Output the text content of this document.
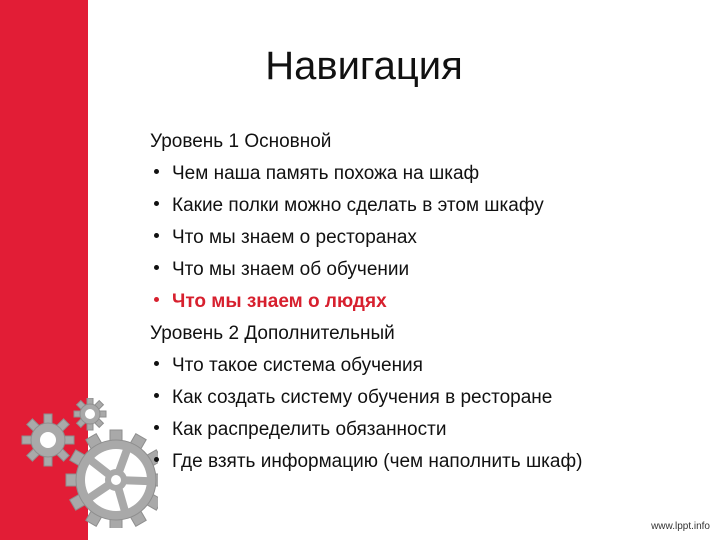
Навигация
Уровень 1 Основной
Чем наша память похожа на шкаф
Какие полки можно сделать в этом шкафу
Что мы знаем о ресторанах
Что мы знаем об обучении
Что мы знаем о людях
Уровень 2 Дополнительный
Что такое система обучения
Как создать систему обучения в ресторане
Как распределить обязанности
Где взять информацию (чем наполнить шкаф)
www.lppt.info
